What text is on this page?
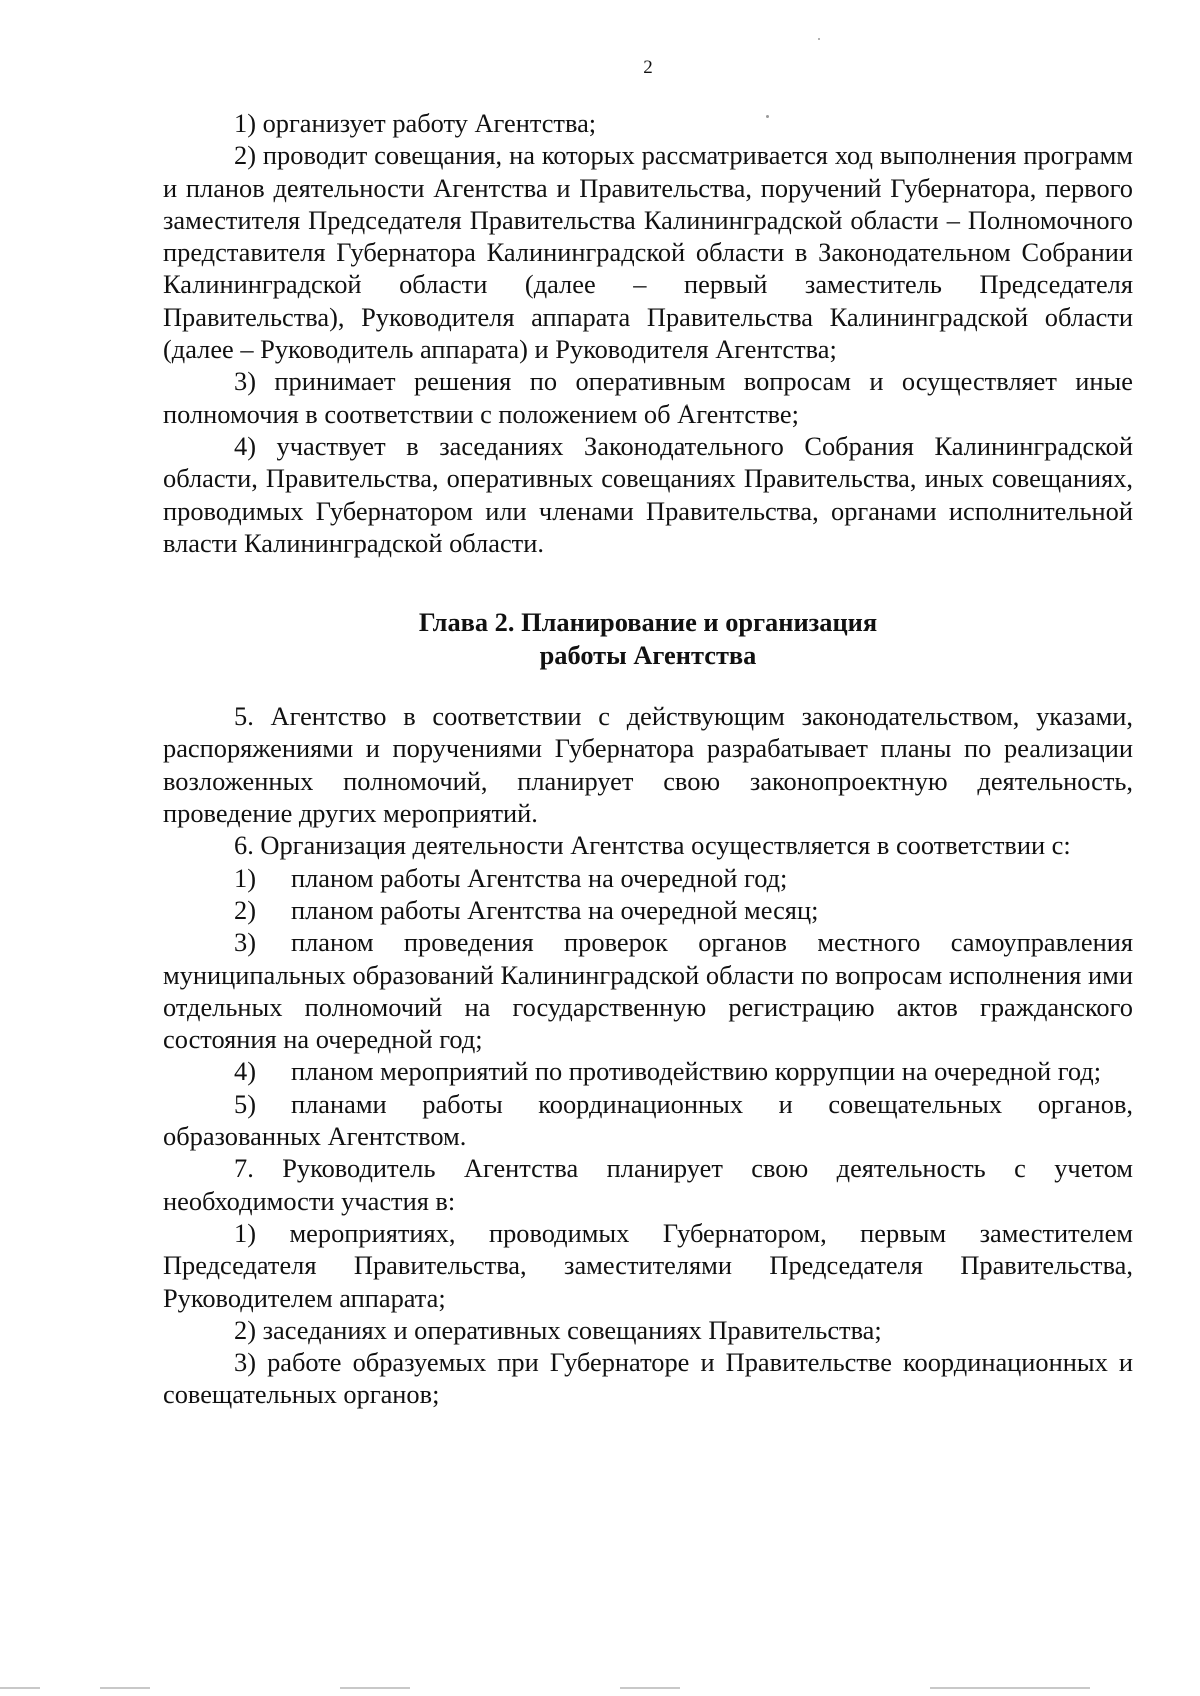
2

1) организует работу Агентства;

2) проводит совещания, на которых рассматривается ход выполнения программ и планов деятельности Агентства и Правительства, поручений Губернатора, первого заместителя Председателя Правительства Калининградской области – Полномочного представителя Губернатора Калининградской области в Законодательном Собрании Калининградской области (далее – первый заместитель Председателя Правительства), Руководителя аппарата Правительства Калининградской области (далее – Руководитель аппарата) и Руководителя Агентства;

3) принимает решения по оперативным вопросам и осуществляет иные полномочия в соответствии с положением об Агентстве;

4) участвует в заседаниях Законодательного Собрания Калининградской области, Правительства, оперативных совещаниях Правительства, иных совещаниях, проводимых Губернатором или членами Правительства, органами исполнительной власти Калининградской области.

Глава 2. Планирование и организация
работы Агентства

5. Агентство в соответствии с действующим законодательством, указами, распоряжениями и поручениями Губернатора разрабатывает планы по реализации возложенных полномочий, планирует свою законопроектную деятельность, проведение других мероприятий.

6. Организация деятельности Агентства осуществляется в соответствии с:

1) планом работы Агентства на очередной год;

2) планом работы Агентства на очередной месяц;

3) планом проведения проверок органов местного самоуправления муниципальных образований Калининградской области по вопросам исполнения ими отдельных полномочий на государственную регистрацию актов гражданского состояния на очередной год;

4) планом мероприятий по противодействию коррупции на очередной год;

5) планами работы координационных и совещательных органов, образованных Агентством.

7. Руководитель Агентства планирует свою деятельность с учетом необходимости участия в:

1) мероприятиях, проводимых Губернатором, первым заместителем Председателя Правительства, заместителями Председателя Правительства, Руководителем аппарата;

2) заседаниях и оперативных совещаниях Правительства;

3) работе образуемых при Губернаторе и Правительстве координационных и совещательных органов;
